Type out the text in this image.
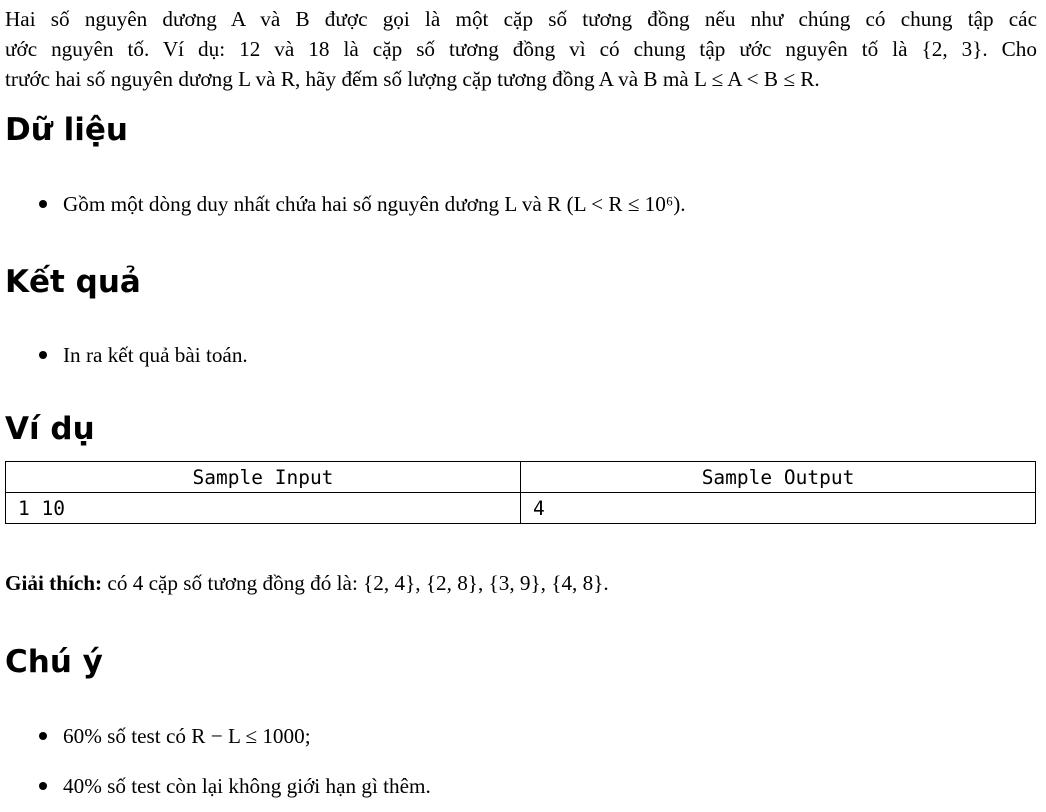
Hai số nguyên dương A và B được gọi là một cặp số tương đồng nếu như chúng có chung tập các
ước nguyên tố. Ví dụ: 12 và 18 là cặp số tương đồng vì có chung tập ước nguyên tố là {2, 3}. Cho
trước hai số nguyên dương L và R, hãy đếm số lượng cặp tương đồng A và B mà L ≤ A < B ≤ R.
Dữ liệu
Gồm một dòng duy nhất chứa hai số nguyên dương L và R (L < R ≤ 10⁶).
Kết quả
In ra kết quả bài toán.
Ví dụ
Sample Input	Sample Output
1 10	4
Giải thích: có 4 cặp số tương đồng đó là: {2, 4}, {2, 8}, {3, 9}, {4, 8}.
Chú ý
60% số test có R − L ≤ 1000;
40% số test còn lại không giới hạn gì thêm.
